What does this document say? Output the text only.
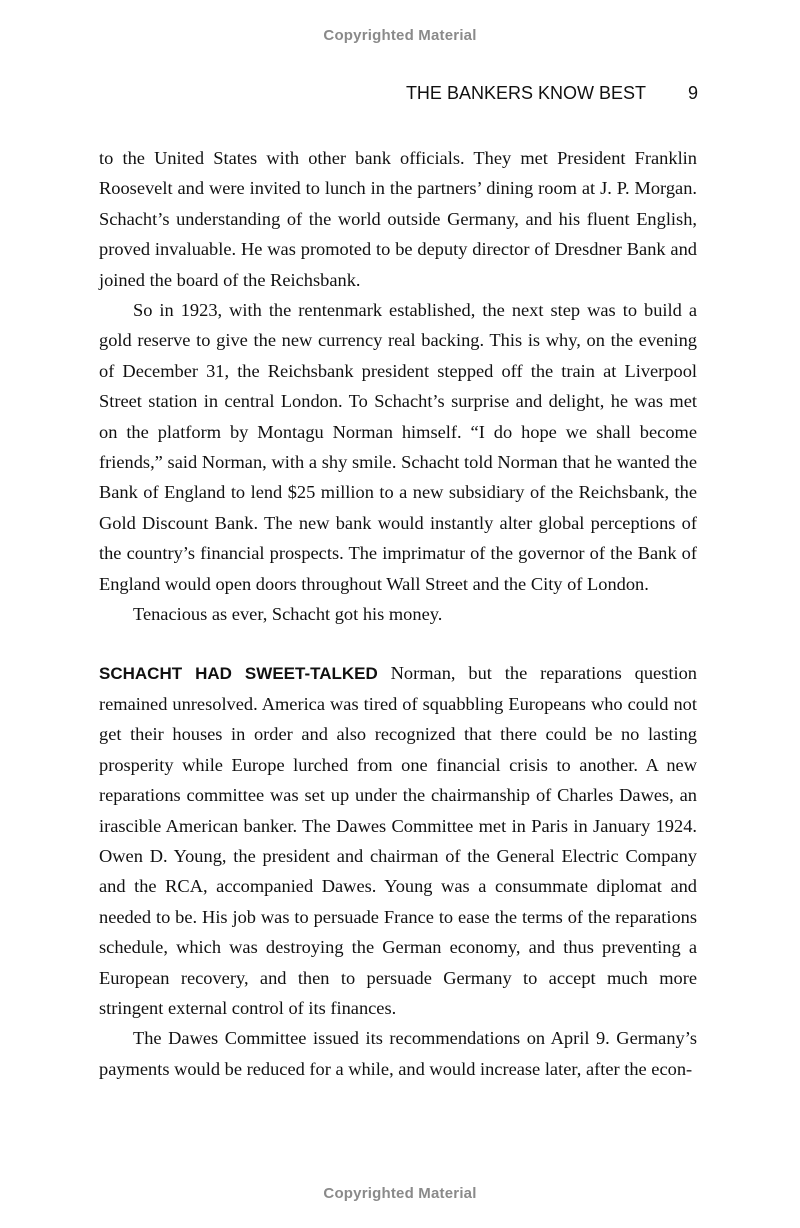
Copyrighted Material
THE BANKERS KNOW BEST 9

to the United States with other bank officials. They met President Franklin Roosevelt and were invited to lunch in the partners’ dining room at J. P. Morgan. Schacht’s understanding of the world outside Germany, and his fluent English, proved invaluable. He was promoted to be deputy director of Dresdner Bank and joined the board of the Reichsbank.

So in 1923, with the rentenmark established, the next step was to build a gold reserve to give the new currency real backing. This is why, on the evening of December 31, the Reichsbank president stepped off the train at Liverpool Street station in central London. To Schacht’s surprise and delight, he was met on the platform by Montagu Norman himself. “I do hope we shall become friends,” said Norman, with a shy smile. Schacht told Norman that he wanted the Bank of England to lend $25 million to a new subsidiary of the Reichsbank, the Gold Discount Bank. The new bank would instantly alter global perceptions of the country’s financial prospects. The imprimatur of the governor of the Bank of England would open doors throughout Wall Street and the City of London.

Tenacious as ever, Schacht got his money.

SCHACHT HAD SWEET-TALKED Norman, but the reparations question remained unresolved. America was tired of squabbling Europeans who could not get their houses in order and also recognized that there could be no lasting prosperity while Europe lurched from one financial crisis to another. A new reparations committee was set up under the chairmanship of Charles Dawes, an irascible American banker. The Dawes Committee met in Paris in January 1924. Owen D. Young, the president and chairman of the General Electric Company and the RCA, accompanied Dawes. Young was a consummate diplomat and needed to be. His job was to persuade France to ease the terms of the reparations schedule, which was destroying the German economy, and thus preventing a European recovery, and then to persuade Germany to accept much more stringent external control of its finances.

The Dawes Committee issued its recommendations on April 9. Germany’s payments would be reduced for a while, and would increase later, after the econ-

Copyrighted Material
